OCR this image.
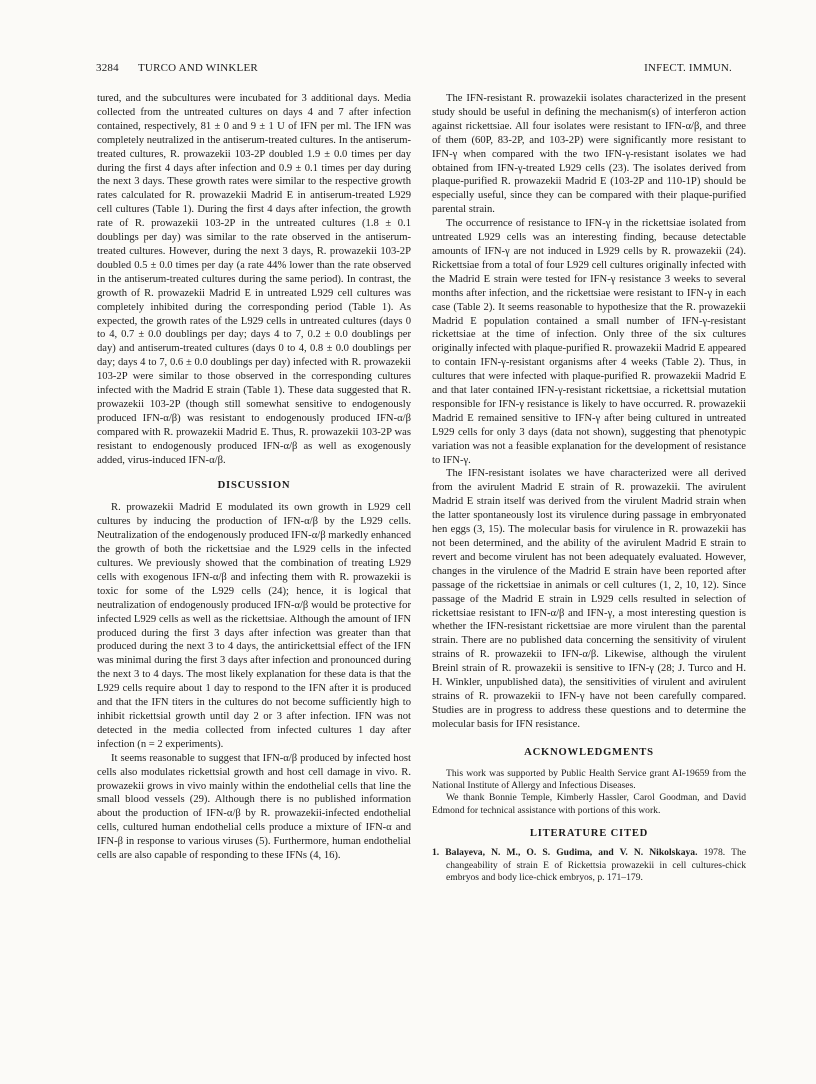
3284 TURCO AND WINKLER	INFECT. IMMUN.

tured, and the subcultures were incubated for 3 additional days. Media collected from the untreated cultures on days 4 and 7 after infection contained, respectively, 81 ± 0 and 9 ± 1 U of IFN per ml. The IFN was completely neutralized in the antiserum-treated cultures. In the antiserum-treated cultures, R. prowazekii 103-2P doubled 1.9 ± 0.0 times per day during the first 4 days after infection and 0.9 ± 0.1 times per day during the next 3 days. These growth rates were similar to the respective growth rates calculated for R. prowazekii Madrid E in antiserum-treated L929 cell cultures (Table 1). During the first 4 days after infection, the growth rate of R. prowazekii 103-2P in the untreated cultures (1.8 ± 0.1 doublings per day) was similar to the rate observed in the antiserum-treated cultures. However, during the next 3 days, R. prowazekii 103-2P doubled 0.5 ± 0.0 times per day (a rate 44% lower than the rate observed in the antiserum-treated cultures during the same period). In contrast, the growth of R. prowazekii Madrid E in untreated L929 cell cultures was completely inhibited during the corresponding period (Table 1). As expected, the growth rates of the L929 cells in untreated cultures (days 0 to 4, 0.7 ± 0.0 doublings per day; days 4 to 7, 0.2 ± 0.0 doublings per day) and antiserum-treated cultures (days 0 to 4, 0.8 ± 0.0 doublings per day; days 4 to 7, 0.6 ± 0.0 doublings per day) infected with R. prowazekii 103-2P were similar to those observed in the corresponding cultures infected with the Madrid E strain (Table 1). These data suggested that R. prowazekii 103-2P (though still somewhat sensitive to endogenously produced IFN-α/β) was resistant to endogenously produced IFN-α/β compared with R. prowazekii Madrid E. Thus, R. prowazekii 103-2P was resistant to endogenously produced IFN-α/β as well as exogenously added, virus-induced IFN-α/β.

DISCUSSION

R. prowazekii Madrid E modulated its own growth in L929 cell cultures by inducing the production of IFN-α/β by the L929 cells. Neutralization of the endogenously produced IFN-α/β markedly enhanced the growth of both the rickettsiae and the L929 cells in the infected cultures. We previously showed that the combination of treating L929 cells with exogenous IFN-α/β and infecting them with R. prowazekii is toxic for some of the L929 cells (24); hence, it is logical that neutralization of endogenously produced IFN-α/β would be protective for infected L929 cells as well as the rickettsiae. Although the amount of IFN produced during the first 3 days after infection was greater than that produced during the next 3 to 4 days, the antirickettsial effect of the IFN was minimal during the first 3 days after infection and pronounced during the next 3 to 4 days. The most likely explanation for these data is that the L929 cells require about 1 day to respond to the IFN after it is produced and that the IFN titers in the cultures do not become sufficiently high to inhibit rickettsial growth until day 2 or 3 after infection. IFN was not detected in the media collected from infected cultures 1 day after infection (n = 2 experiments).

It seems reasonable to suggest that IFN-α/β produced by infected host cells also modulates rickettsial growth and host cell damage in vivo. R. prowazekii grows in vivo mainly within the endothelial cells that line the small blood vessels (29). Although there is no published information about the production of IFN-α/β by R. prowazekii-infected endothelial cells, cultured human endothelial cells produce a mixture of IFN-α and IFN-β in response to various viruses (5). Furthermore, human endothelial cells are also capable of responding to these IFNs (4, 16).

The IFN-resistant R. prowazekii isolates characterized in the present study should be useful in defining the mechanism(s) of interferon action against rickettsiae. All four isolates were resistant to IFN-α/β, and three of them (60P, 83-2P, and 103-2P) were significantly more resistant to IFN-γ when compared with the two IFN-γ-resistant isolates we had obtained from IFN-γ-treated L929 cells (23). The isolates derived from plaque-purified R. prowazekii Madrid E (103-2P and 110-1P) should be especially useful, since they can be compared with their plaque-purified parental strain.

The occurrence of resistance to IFN-γ in the rickettsiae isolated from untreated L929 cells was an interesting finding, because detectable amounts of IFN-γ are not induced in L929 cells by R. prowazekii (24). Rickettsiae from a total of four L929 cell cultures originally infected with the Madrid E strain were tested for IFN-γ resistance 3 weeks to several months after infection, and the rickettsiae were resistant to IFN-γ in each case (Table 2). It seems reasonable to hypothesize that the R. prowazekii Madrid E population contained a small number of IFN-γ-resistant rickettsiae at the time of infection. Only three of the six cultures originally infected with plaque-purified R. prowazekii Madrid E appeared to contain IFN-γ-resistant organisms after 4 weeks (Table 2). Thus, in cultures that were infected with plaque-purified R. prowazekii Madrid E and that later contained IFN-γ-resistant rickettsiae, a rickettsial mutation responsible for IFN-γ resistance is likely to have occurred. R. prowazekii Madrid E remained sensitive to IFN-γ after being cultured in untreated L929 cells for only 3 days (data not shown), suggesting that phenotypic variation was not a feasible explanation for the development of resistance to IFN-γ.

The IFN-resistant isolates we have characterized were all derived from the avirulent Madrid E strain of R. prowazekii. The avirulent Madrid E strain itself was derived from the virulent Madrid strain when the latter spontaneously lost its virulence during passage in embryonated hen eggs (3, 15). The molecular basis for virulence in R. prowazekii has not been determined, and the ability of the avirulent Madrid E strain to revert and become virulent has not been adequately evaluated. However, changes in the virulence of the Madrid E strain have been reported after passage of the rickettsiae in animals or cell cultures (1, 2, 10, 12). Since passage of the Madrid E strain in L929 cells resulted in selection of rickettsiae resistant to IFN-α/β and IFN-γ, a most interesting question is whether the IFN-resistant rickettsiae are more virulent than the parental strain. There are no published data concerning the sensitivity of virulent strains of R. prowazekii to IFN-α/β. Likewise, although the virulent Breinl strain of R. prowazekii is sensitive to IFN-γ (28; J. Turco and H. H. Winkler, unpublished data), the sensitivities of virulent and avirulent strains of R. prowazekii to IFN-γ have not been carefully compared. Studies are in progress to address these questions and to determine the molecular basis for IFN resistance.

ACKNOWLEDGMENTS

This work was supported by Public Health Service grant AI-19659 from the National Institute of Allergy and Infectious Diseases.

We thank Bonnie Temple, Kimberly Hassler, Carol Goodman, and David Edmond for technical assistance with portions of this work.

LITERATURE CITED

1. Balayeva, N. M., O. S. Gudima, and V. N. Nikolskaya. 1978. The changeability of strain E of Rickettsia prowazekii in cell cultures-chick embryos and body lice-chick embryos, p. 171–179.
